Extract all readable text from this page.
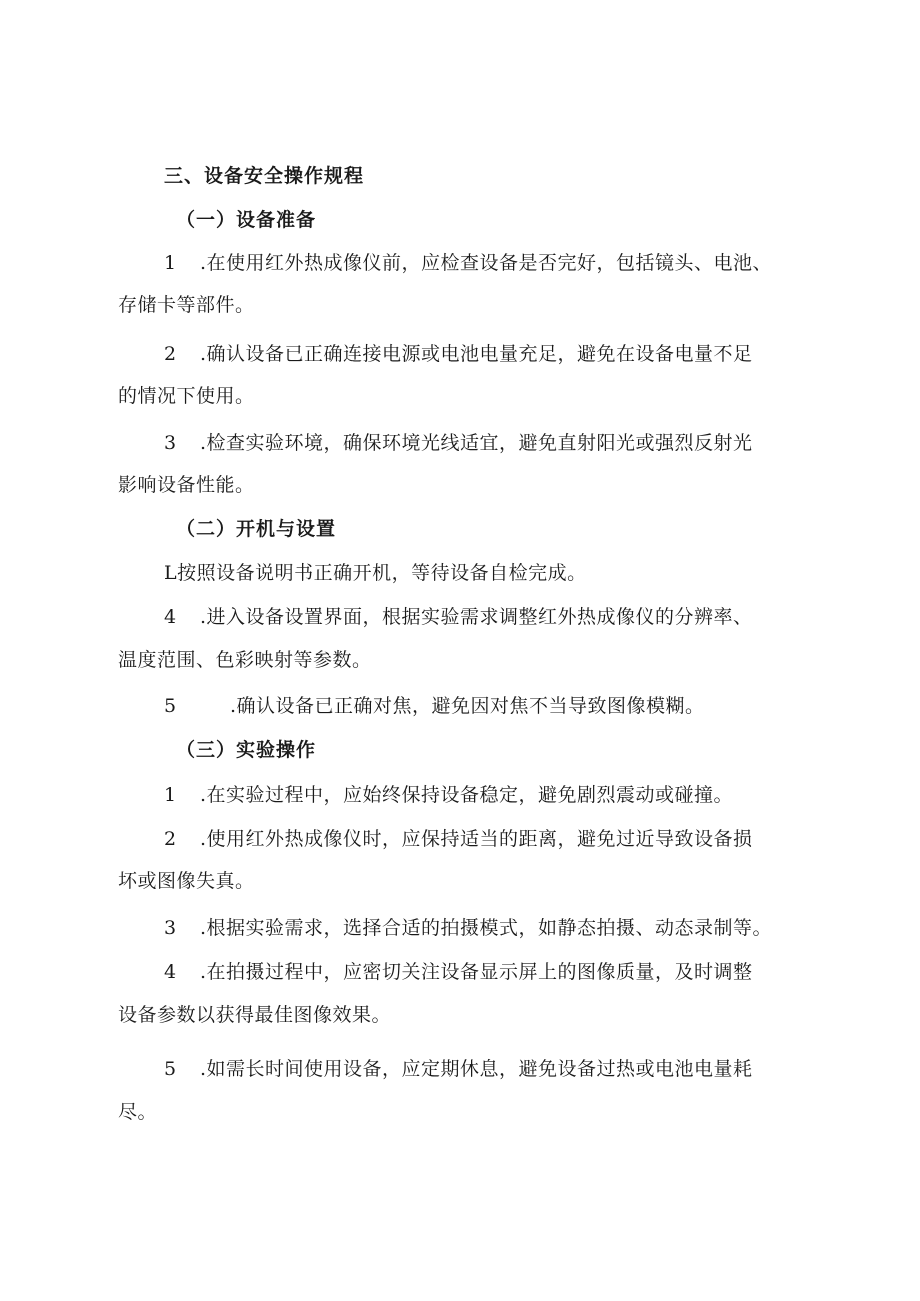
三、设备安全操作规程
（一）设备准备
1 .在使用红外热成像仪前，应检查设备是否完好，包括镜头、电池、
存储卡等部件。
2 .确认设备已正确连接电源或电池电量充足，避免在设备电量不足
的情况下使用。
3 .检查实验环境，确保环境光线适宜，避免直射阳光或强烈反射光
影响设备性能。
（二）开机与设置
L按照设备说明书正确开机，等待设备自检完成。
4 .进入设备设置界面，根据实验需求调整红外热成像仪的分辨率、
温度范围、色彩映射等参数。
5	.确认设备已正确对焦，避免因对焦不当导致图像模糊。
（三）实验操作
1 .在实验过程中，应始终保持设备稳定，避免剧烈震动或碰撞。
2 .使用红外热成像仪时，应保持适当的距离，避免过近导致设备损
坏或图像失真。
3 .根据实验需求，选择合适的拍摄模式，如静态拍摄、动态录制等。
4 .在拍摄过程中，应密切关注设备显示屏上的图像质量，及时调整
设备参数以获得最佳图像效果。
5 .如需长时间使用设备，应定期休息，避免设备过热或电池电量耗
尽。
